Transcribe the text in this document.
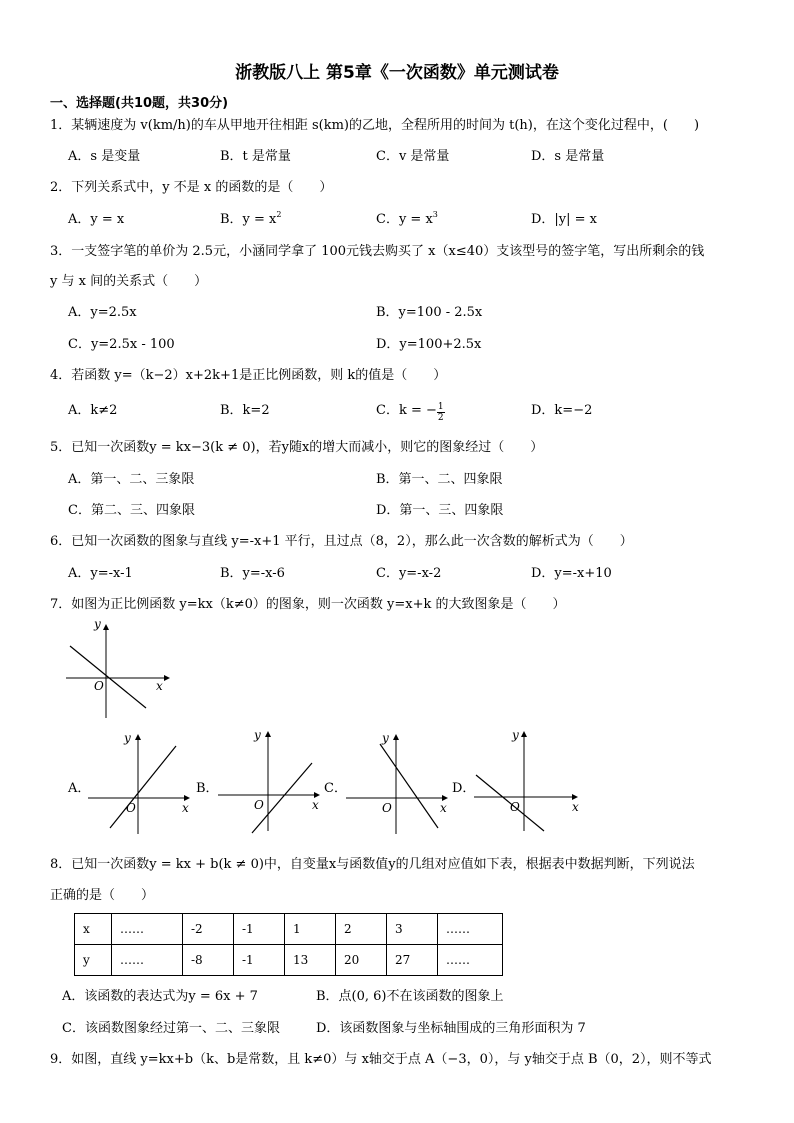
浙教版八上 第5章《一次函数》单元测试卷
一、选择题(共10题，共30分)
1．某辆速度为 v(km/h)的车从甲地开往相距 s(km)的乙地，全程所用的时间为 t(h)，在这个变化过程中，(　　)
A．s 是变量	B．t 是常量	C．v 是常量	D．s 是常量
2．下列关系式中，y 不是 x 的函数的是（　　）
A．y = x	B．$y = x^2$	C．$y = x^3$	D．|y| = x
3．一支签字笔的单价为 2.5元，小涵同学拿了 100元钱去购买了 x（x≤40）支该型号的签字笔，写出所剩余的钱
y 与 x 间的关系式（　　）
A．y=2.5x	B．y=100 - 2.5x
C．y=2.5x - 100	D．y=100+2.5x
4．若函数 y=（k−2）x+2k+1是正比例函数，则 k的值是（　　）
A．k≠2	B．k=2	C．k = − $\frac{1}{2}$	D．k=−2
5．已知一次函数y = kx−3(k ≠ 0)，若y随x的增大而减小，则它的图象经过（　　）
A．第一、二、三象限	B．第一、二、四象限
C．第二、三、四象限	D．第一、三、四象限
6．已知一次函数的图象与直线 y=-x+1 平行，且过点（8，2），那么此一次含数的解析式为（　　）
A．y=-x-1	B．y=-x-6	C．y=-x-2	D．y=-x+10
7．如图为正比例函数 y=kx（k≠0）的图象，则一次函数 y=x+k 的大致图象是（　　）
y
x
O
A．
y
x
O
B．
y
x
O
C．
y
x
O
D．
y
x
O
8．已知一次函数y = kx + b(k ≠ 0)中，自变量x与函数值y的几组对应值如下表，根据表中数据判断，下列说法
正确的是（　　）
x	……	-2	-1	1	2	3	……
y	……	-8	-1	13	20	27	……
A．该函数的表达式为y = 6x + 7	B．点(0, 6)不在该函数的图象上
C．该函数图象经过第一、二、三象限	D．该函数图象与坐标轴围成的三角形面积为 7
9．如图，直线 y=kx+b（k、b是常数，且 k≠0）与 x轴交于点 A（−3，0），与 y轴交于点 B（0，2），则不等式
